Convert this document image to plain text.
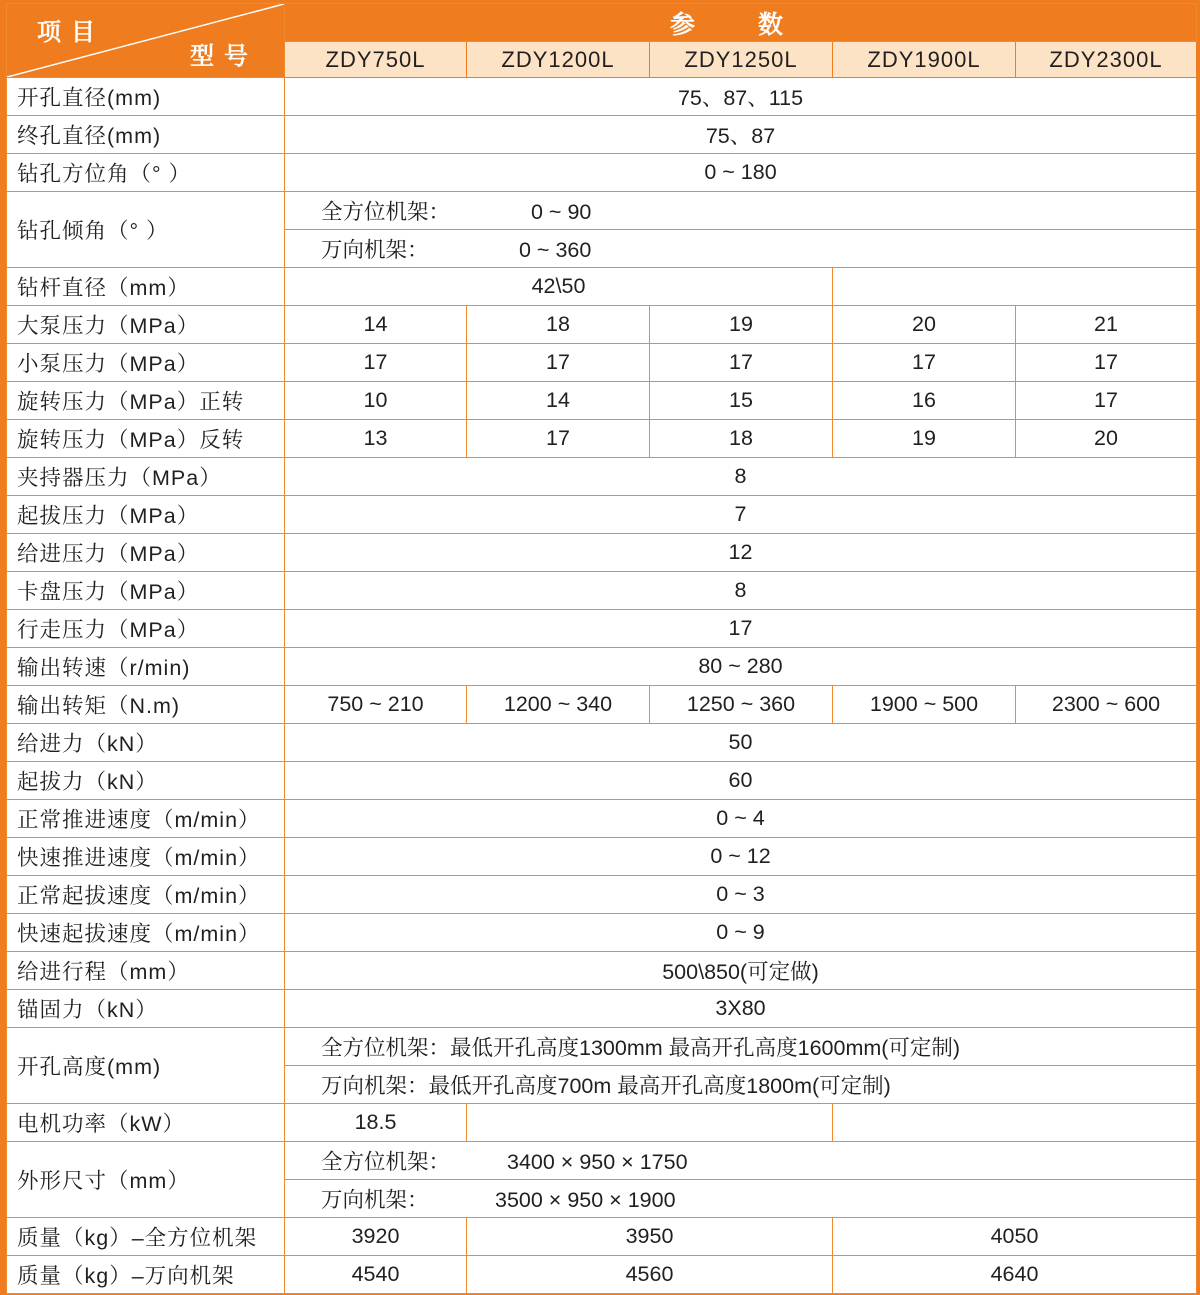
项目
型号	参 数				
	ZDY750L	ZDY1200L	ZDY1250L	ZDY1900L	ZDY2300L
开孔直径(mm)	75、87、115				
终孔直径(mm)	75、87				
钻孔方位角（° ）	0 ~ 180				
钻孔倾角（° ）	全方位机架： 0 ~ 90				
	万向机架： 0 ~ 360				
钻杆直径（mm）	42\50				
大泵压力（MPa）	14	18	19	20	21
小泵压力（MPa）	17	17	17	17	17
旋转压力（MPa）正转	10	14	15	16	17
旋转压力（MPa）反转	13	17	18	19	20
夹持器压力（MPa）	8				
起拔压力（MPa）	7				
给进压力（MPa）	12				
卡盘压力（MPa）	8				
行走压力（MPa）	17				
输出转速（r/min)	80 ~ 280				
输出转矩（N.m)	750 ~ 210	1200 ~ 340	1250 ~ 360	1900 ~ 500	2300 ~ 600
给进力（kN）	50				
起拔力（kN）	60				
正常推进速度（m/min）	0 ~ 4				
快速推进速度（m/min）	0 ~ 12				
正常起拔速度（m/min）	0 ~ 3				
快速起拔速度（m/min）	0 ~ 9				
给进行程（mm）	500\850(可定做)				
锚固力（kN）	3X80				
开孔高度(mm)	全方位机架：最低开孔高度1300mm 最高开孔高度1600mm(可定制)				
	万向机架：最低开孔高度700m 最高开孔高度1800m(可定制)				
电机功率（kW）	18.5				
外形尺寸（mm）	全方位机架： 3400 × 950 × 1750				
	万向机架： 3500 × 950 × 1900				
质量（kg）–全方位机架	3920	3950		4050	
质量（kg）–万向机架	4540	4560		4640	
